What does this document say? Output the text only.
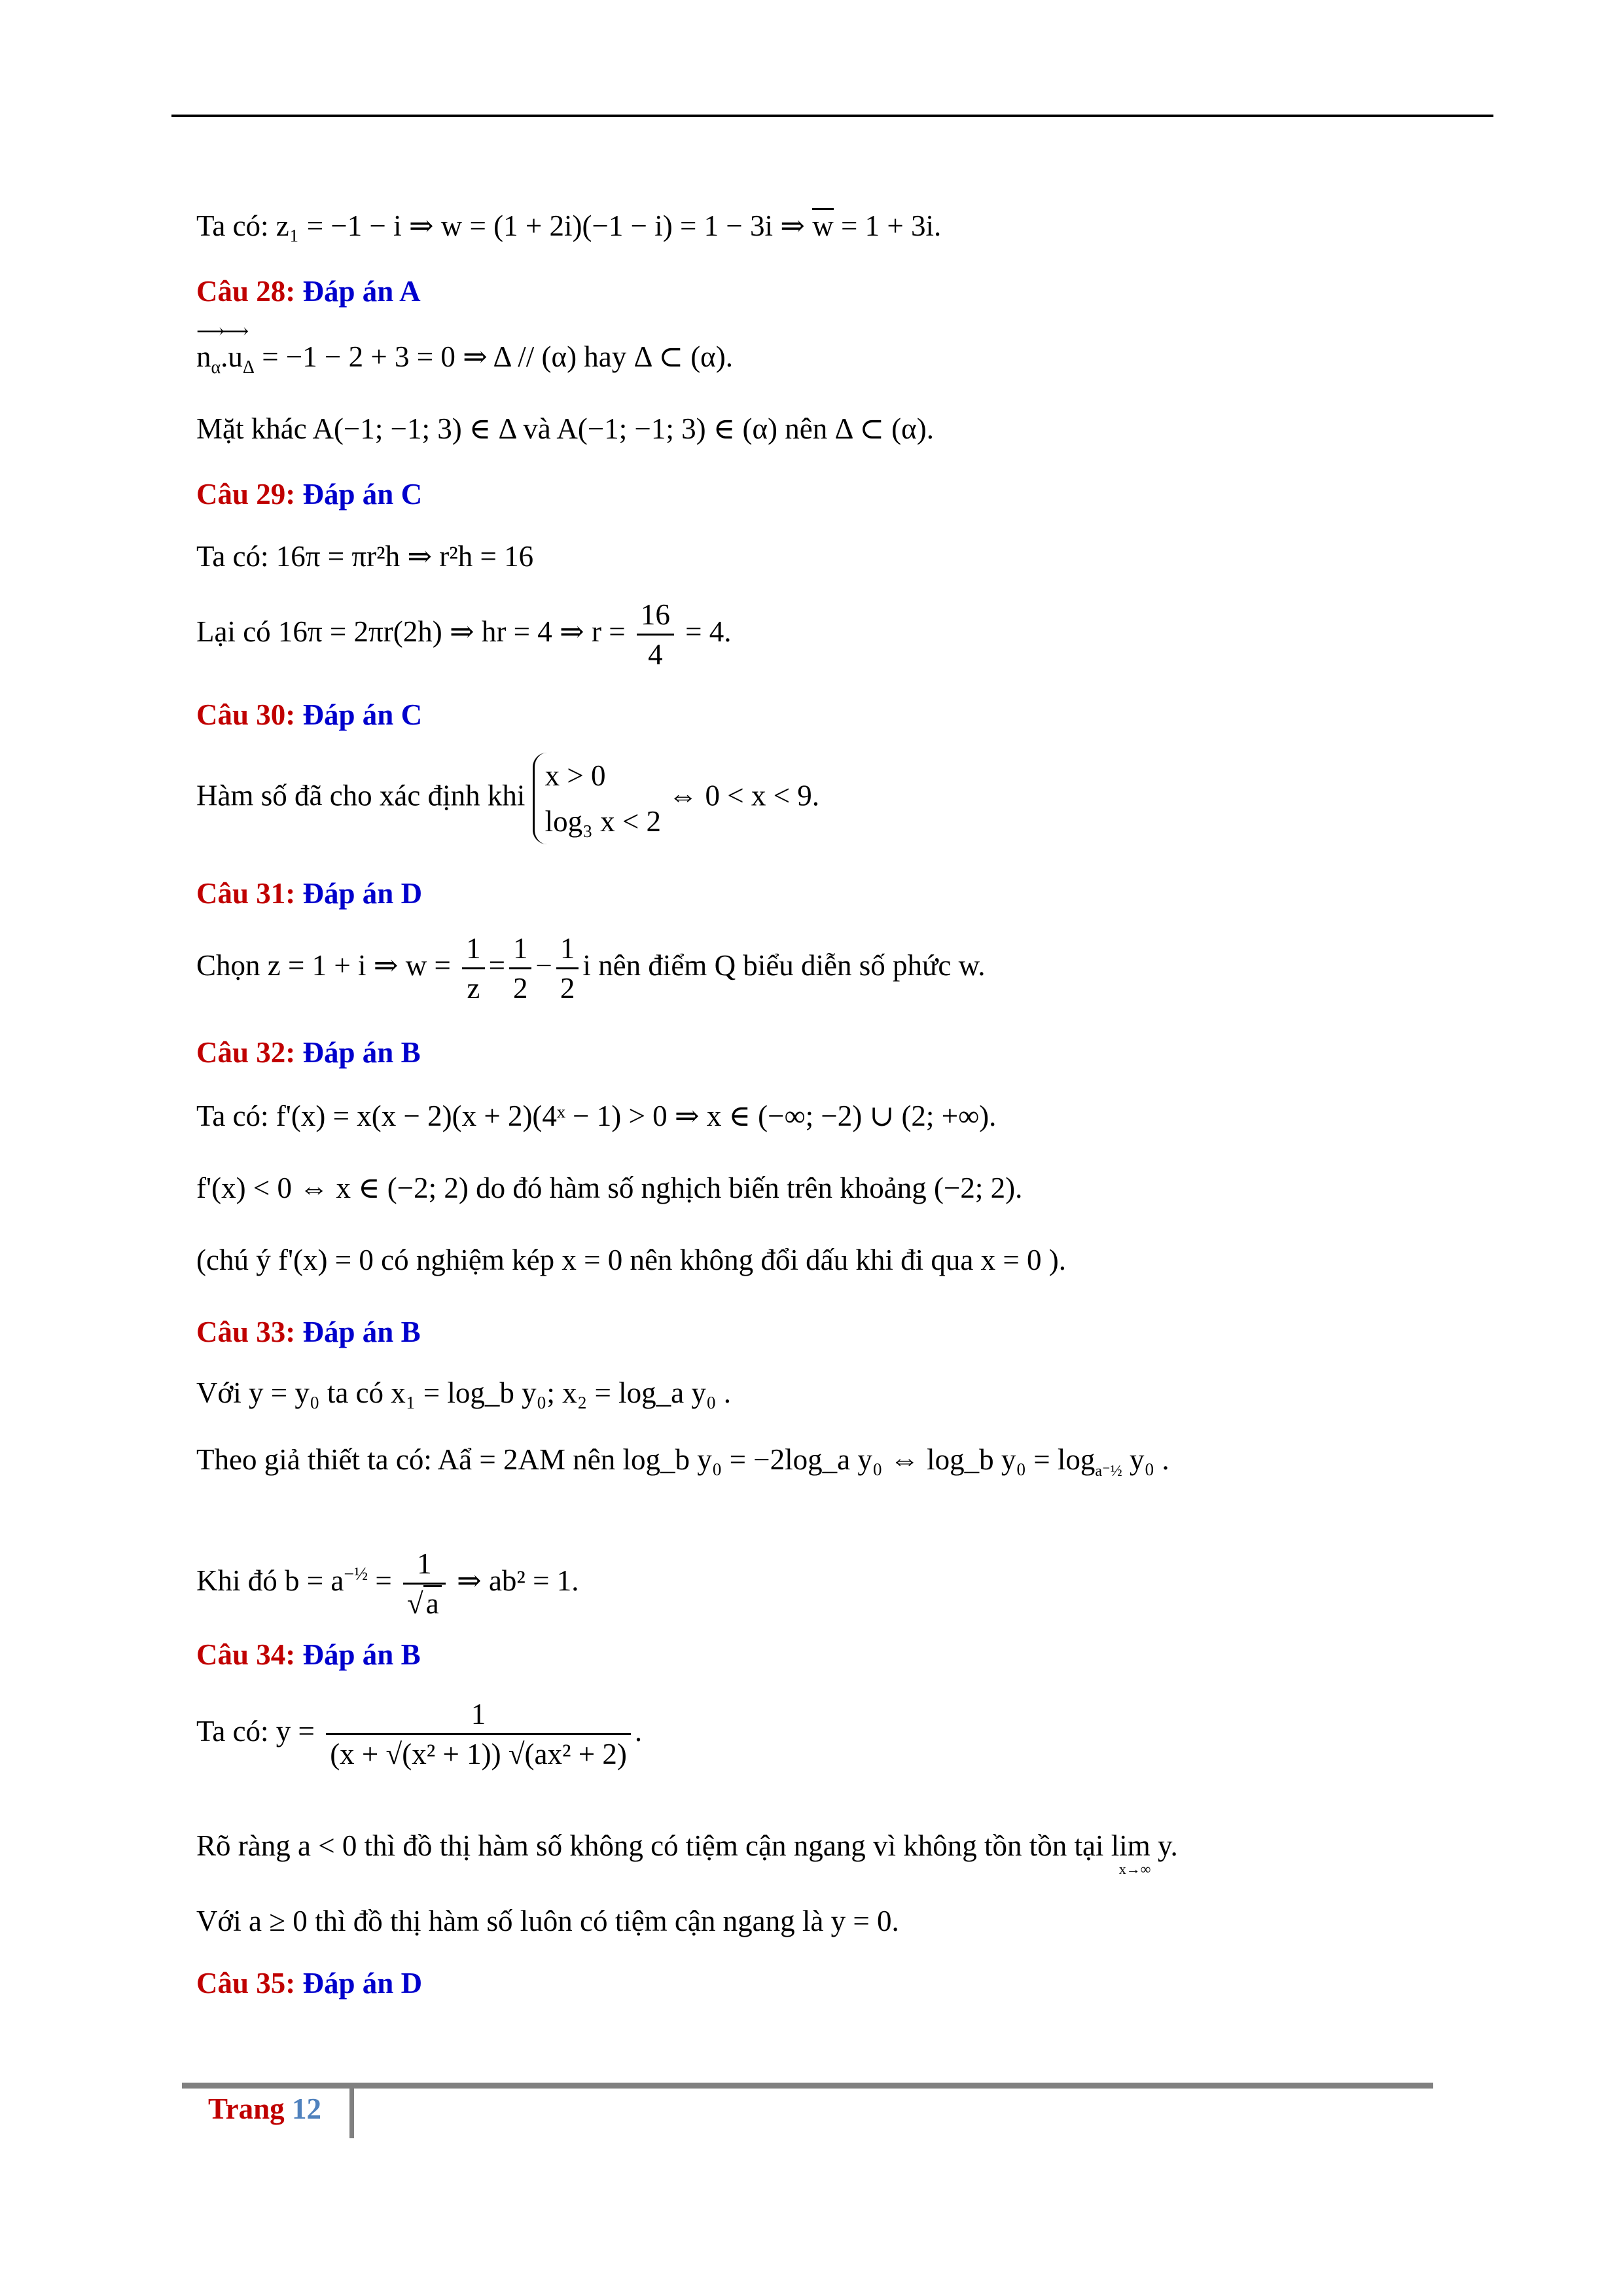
Ta có: z₁ = −1 − i ⇒ w = (1 + 2i)(−1 − i) = 1 − 3i ⇒ w = 1 + 3i.
Câu 28: Đáp án A
⟶ $n_\alpha⟶$ $.u_\Delta = -1 - 2 + 3 = 0$ ⇒ Δ // (α) hay Δ ⊂ (α).
Mặt khác A(−1; −1; 3) ∈ Δ và A(−1; −1; 3) ∈ (α) nên Δ ⊂ (α).
Câu 29: Đáp án C
Ta có: 16π = πr²h ⇒ r²h = 16
Lại có 16π = 2πr(2h) ⇒ hr = 4 ⇒ $r = \frac{16}{4} = 4$.
Câu 30: Đáp án C
Hàm số đã cho xác định khi
x > 0
log₃ x < 2
⇔ 0 < x < 9.
Câu 31: Đáp án D
Chọn z = 1 + i ⇒ $w = \frac{1}{z} = \frac{1}{2} - \frac{1}{2}$ i nên điểm Q biểu diễn số phức w.
Câu 32: Đáp án B
Ta có: f'(x) = x(x − 2)(x + 2)(4ˣ − 1) > 0 ⇒ x ∈ (−∞; −2) ∪ (2; +∞).
f'(x) < 0 ⇔ x ∈ (−2; 2) do đó hàm số nghịch biến trên khoảng (−2; 2).
(chú ý f'(x) = 0 có nghiệm kép x = 0 nên không đổi dấu khi đi qua x = 0 ).
Câu 33: Đáp án B
Với y = y₀ ta có x₁ = log_b y₀; x₂ = log_a y₀ .
Theo giả thiết ta có: Aẩ = 2AM nên log_b y₀ = −2log_a y₀ ⇔ log_b $y_0 = \log_{a^-\frac{1}{2}} y_0$ .
Khi đó $b = a^{-\frac{1}{2}} = \frac{1}{√a}$ ⇒ ab² = 1.
Câu 34: Đáp án B
Ta có: $y = \frac{1}{\text{(x + √(x² + 1)) √(ax² + 2)}}$ .
Rõ ràng a < 0 thì đồ thị hàm số không có tiệm cận ngang vì không tồn tồn tại $\lim y._{x\to\infty}$
Với a ≥ 0 thì đồ thị hàm số luôn có tiệm cận ngang là y = 0.
Câu 35: Đáp án D
Trang 12
